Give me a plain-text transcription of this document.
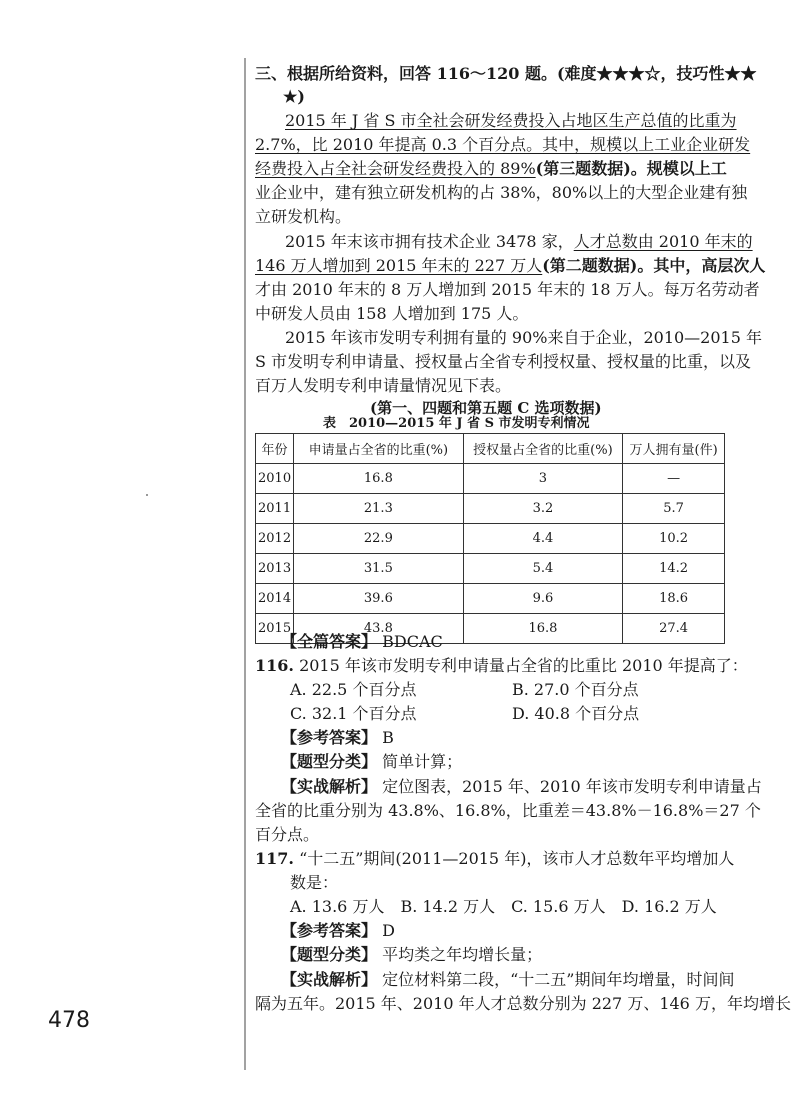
三、根据所给资料，回答 116～120 题。(难度★★★☆，技巧性★★
★)
2015 年 J 省 S 市全社会研发经费投入占地区生产总值的比重为
2.7%，比 2010 年提高 0.3 个百分点。其中，规模以上工业企业研发
经费投入占全社会研发经费投入的 89%(第三题数据)。规模以上工
业企业中，建有独立研发机构的占 38%，80%以上的大型企业建有独
立研发机构。
2015 年末该市拥有技术企业 3478 家，人才总数由 2010 年末的
146 万人增加到 2015 年末的 227 万人(第二题数据)。其中，高层次人
才由 2010 年末的 8 万人增加到 2015 年末的 18 万人。每万名劳动者
中研发人员由 158 人增加到 175 人。
2015 年该市发明专利拥有量的 90%来自于企业，2010—2015 年
S 市发明专利申请量、授权量占全省专利授权量、授权量的比重，以及
百万人发明专利申请量情况见下表。
(第一、四题和第五题 C 选项数据)
表　2010—2015 年 J 省 S 市发明专利情况
年份	申请量占全省的比重(%)	授权量占全省的比重(%)	万人拥有量(件)
2010	16.8	3	—
2011	21.3	3.2	5.7
2012	22.9	4.4	10.2
2013	31.5	5.4	14.2
2014	39.6	9.6	18.6
2015	43.8	16.8	27.4
【全篇答案】 BDCAC
116. 2015 年该市发明专利申请量占全省的比重比 2010 年提高了：
A. 22.5 个百分点	B. 27.0 个百分点
C. 32.1 个百分点	D. 40.8 个百分点
【参考答案】 B
【题型分类】 简单计算；
【实战解析】 定位图表，2015 年、2010 年该市发明专利申请量占
全省的比重分别为 43.8%、16.8%，比重差＝43.8%－16.8%＝27 个
百分点。
117. “十二五”期间(2011—2015 年)，该市人才总数年平均增加人
数是：
A. 13.6 万人　B. 14.2 万人　C. 15.6 万人　D. 16.2 万人
【参考答案】 D
【题型分类】 平均类之年均增长量；
【实战解析】 定位材料第二段，“十二五”期间年均增量，时间间
隔为五年。2015 年、2010 年人才总数分别为 227 万、146 万，年均增长
478
